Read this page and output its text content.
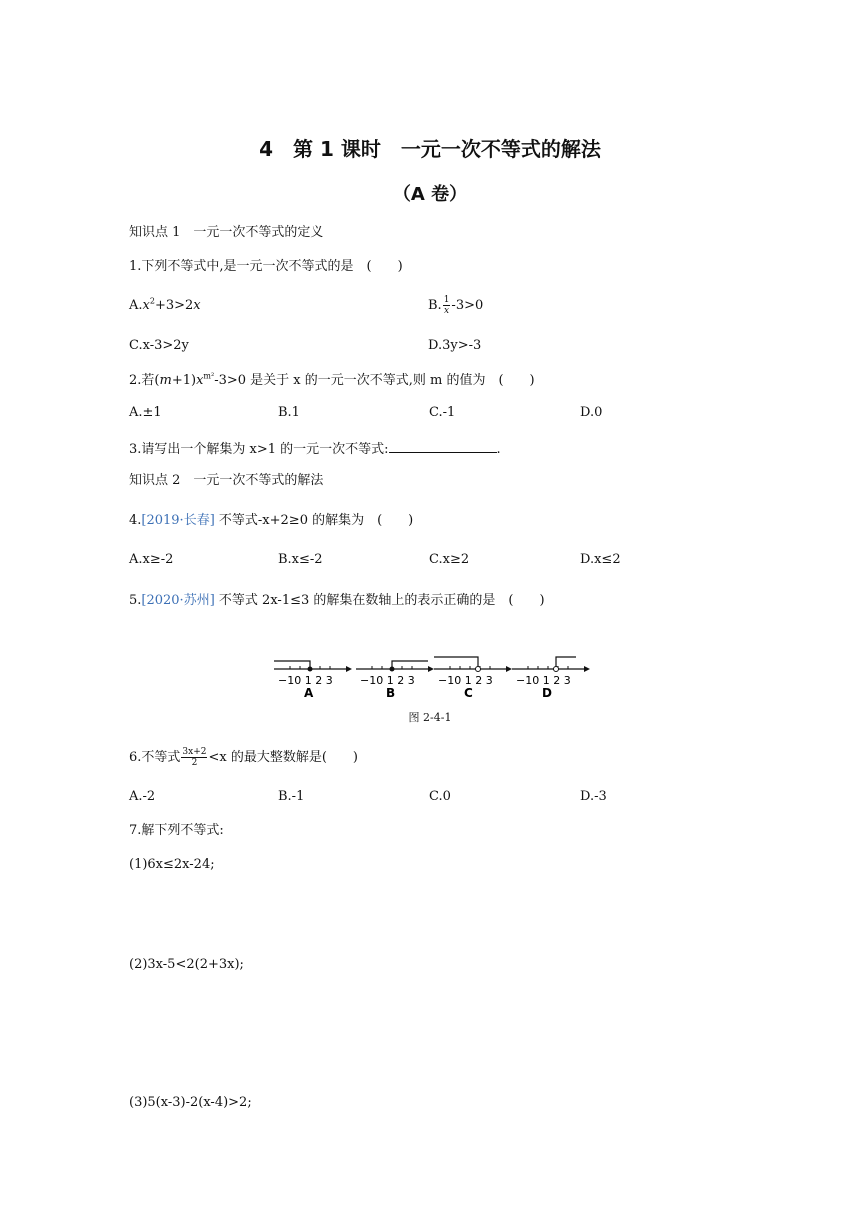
4　第 1 课时　一元一次不等式的解法
（A 卷）
知识点 1　一元一次不等式的定义
1.下列不等式中,是一元一次不等式的是　(　　)
$A.x^2+3>2x$	B. $\frac{1}{x} -3>0$
C.x-3>2y	D.3y>-3
2.若$(m+1)x^{m^2}-3>0$ 是关于 x 的一元一次不等式,则 m 的值为　(　　)
A.±1	B.1	C.-1	D.0
3.请写出一个解集为 x>1 的一元一次不等式:	.
知识点 2　一元一次不等式的解法
4.[2019·长春] 不等式-x+2≥0 的解集为　(　　)
A.x≥-2	B.x≤-2	C.x≥2	D.x≤2
5.[2020·苏州] 不等式 2x-1≤3 的解集在数轴上的表示正确的是　(　　)
−10 1 2 3
A
−10 1 2 3
B
−10 1 2 3
C
−10 1 2 3
D
图 2-4-1
6.不等式 $\frac{3x+2}{2} <x$ 的最大整数解是(　　)
A.-2	B.-1	C.0	D.-3
7.解下列不等式:
(1)6x≤2x-24;
(2)3x-5<2(2+3x);
(3)5(x-3)-2(x-4)>2;
